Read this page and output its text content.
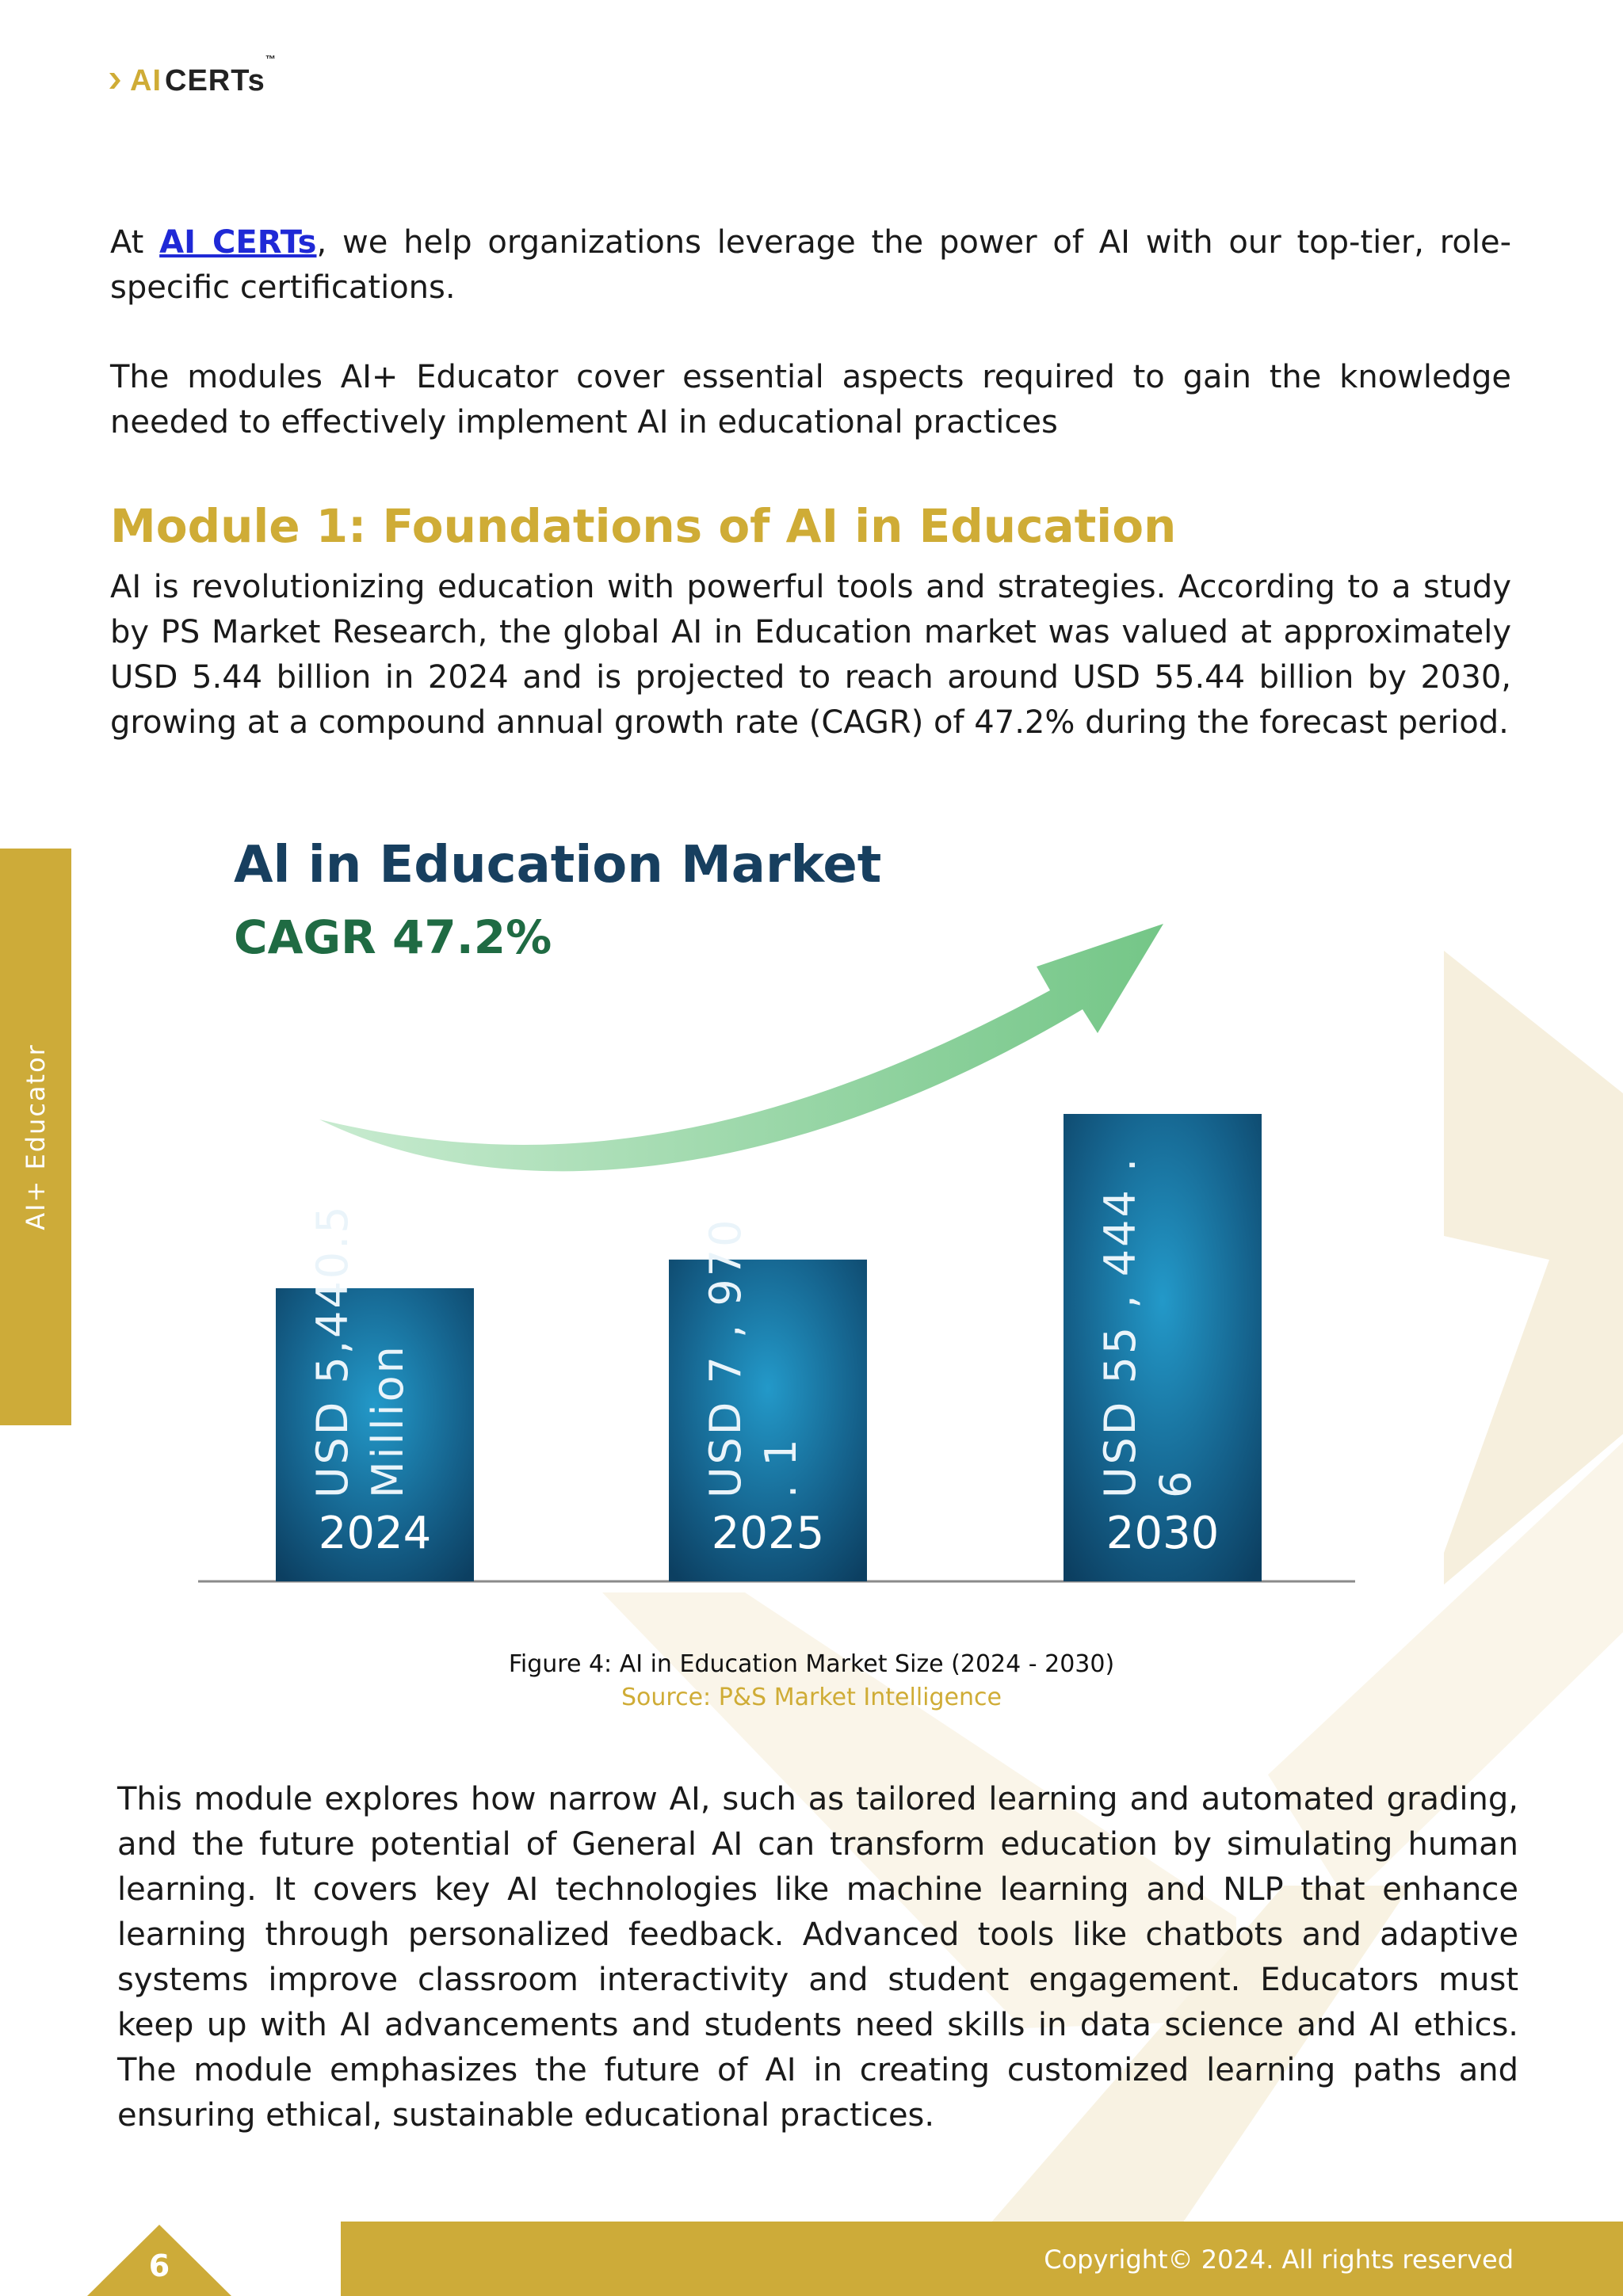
AI CERTs™

At AI CERTs, we help organizations leverage the power of AI with our top-tier, role-specific certifications.

The modules AI+ Educator cover essential aspects required to gain the knowledge needed to effectively implement AI in educational practices

Module 1: Foundations of AI in Education

AI is revolutionizing education with powerful tools and strategies. According to a study by PS Market Research, the global AI in Education market was valued at approximately USD 5.44 billion in 2024 and is projected to reach around USD 55.44 billion by 2030, growing at a compound annual growth rate (CAGR) of 47.2% during the forecast period.

AI+ Educator
Al in Education Market
CAGR 47.2%
2024
USD 5,440.5 Million
2025
USD 7 , 970 . 1
2030
USD 55 , 444 . 6
Figure 4: AI in Education Market Size (2024 - 2030)
Source: P&S Market Intelligence

This module explores how narrow AI, such as tailored learning and automated grading, and the future potential of General AI can transform education by simulating human learning. It covers key AI technologies like machine learning and NLP that enhance learning through personalized feedback. Advanced tools like chatbots and adaptive systems improve classroom interactivity and student engagement. Educators must keep up with AI advancements and students need skills in data science and AI ethics. The module emphasizes the future of AI in creating customized learning paths and ensuring ethical, sustainable educational practices.

Copyright© 2024. All rights reserved
6
